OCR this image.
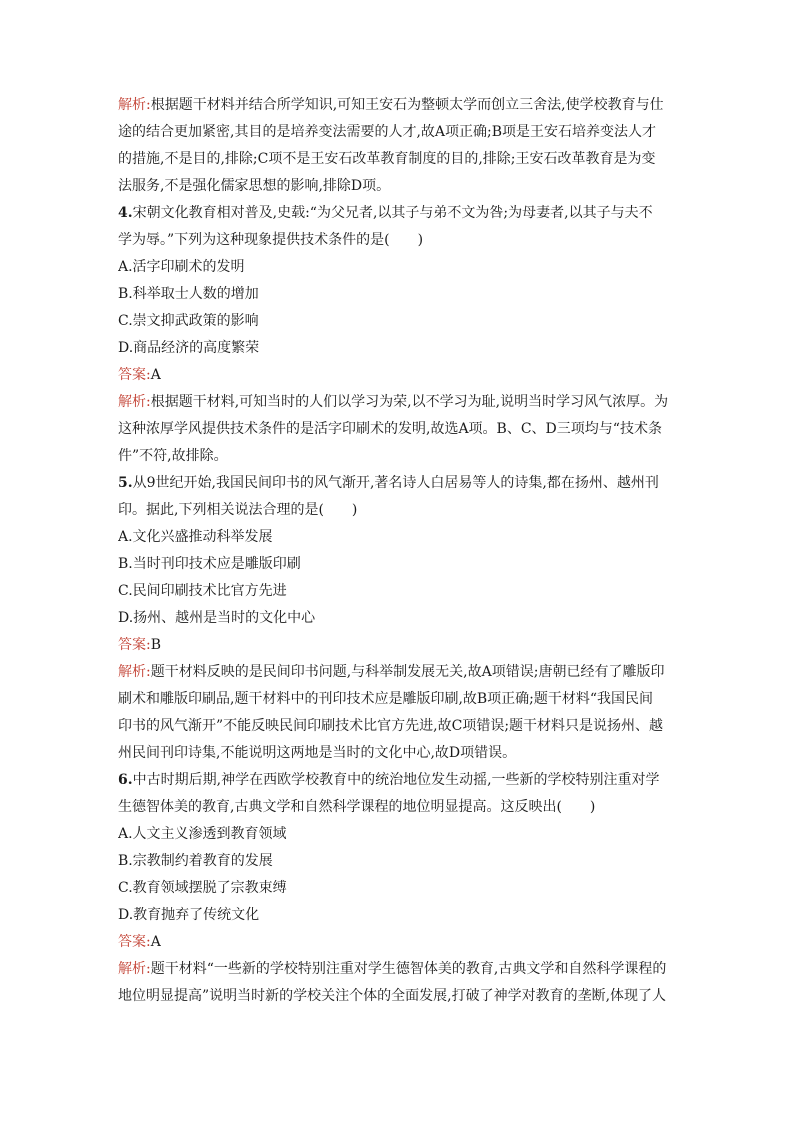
解析:根据题干材料并结合所学知识,可知王安石为整顿太学而创立三舍法,使学校教育与仕
途的结合更加紧密,其目的是培养变法需要的人才,故A项正确;B项是王安石培养变法人才
的措施,不是目的,排除;C项不是王安石改革教育制度的目的,排除;王安石改革教育是为变
法服务,不是强化儒家思想的影响,排除D项。
4.宋朝文化教育相对普及,史载:“为父兄者,以其子与弟不文为咎;为母妻者,以其子与夫不
学为辱。”下列为这种现象提供技术条件的是(　　)
A.活字印刷术的发明
B.科举取士人数的增加
C.崇文抑武政策的影响
D.商品经济的高度繁荣
答案:A
解析:根据题干材料,可知当时的人们以学习为荣,以不学习为耻,说明当时学习风气浓厚。为
这种浓厚学风提供技术条件的是活字印刷术的发明,故选A项。B、C、D三项均与“技术条
件”不符,故排除。
5.从9世纪开始,我国民间印书的风气渐开,著名诗人白居易等人的诗集,都在扬州、越州刊
印。据此,下列相关说法合理的是(　　)
A.文化兴盛推动科举发展
B.当时刊印技术应是雕版印刷
C.民间印刷技术比官方先进
D.扬州、越州是当时的文化中心
答案:B
解析:题干材料反映的是民间印书问题,与科举制发展无关,故A项错误;唐朝已经有了雕版印
刷术和雕版印刷品,题干材料中的刊印技术应是雕版印刷,故B项正确;题干材料“我国民间
印书的风气渐开”不能反映民间印刷技术比官方先进,故C项错误;题干材料只是说扬州、越
州民间刊印诗集,不能说明这两地是当时的文化中心,故D项错误。
6.中古时期后期,神学在西欧学校教育中的统治地位发生动摇,一些新的学校特别注重对学
生德智体美的教育,古典文学和自然科学课程的地位明显提高。这反映出(　　)
A.人文主义渗透到教育领域
B.宗教制约着教育的发展
C.教育领域摆脱了宗教束缚
D.教育抛弃了传统文化
答案:A
解析:题干材料“一些新的学校特别注重对学生德智体美的教育,古典文学和自然科学课程的
地位明显提高”说明当时新的学校关注个体的全面发展,打破了神学对教育的垄断,体现了人
